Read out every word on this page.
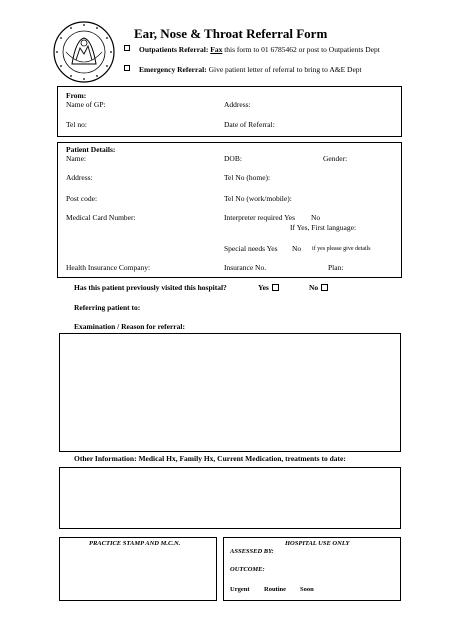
Ear, Nose & Throat Referral Form
Outpatients Referral: Fax this form to 01 6785462 or post to Outpatients Dept
Emergency Referral: Give patient letter of referral to bring to A&E Dept
From:
Name of GP:	Address:
Tel no:	Date of Referral:
Patient Details:
Name:	DOB:	Gender:
Address:	Tel No (home):
Post code:	Tel No (work/mobile):
Medical Card Number:	Interpreter required Yes No
If Yes, First language:
Special needs Yes No if yes please give details
Health Insurance Company:	Insurance No.	Plan:
Has this patient previously visited this hospital?	Yes	No
Referring patient to:
Examination / Reason for referral:
Other Information: Medical Hx, Family Hx, Current Medication, treatments to date:
PRACTICE STAMP AND M.C.N.	HOSPITAL USE ONLY
ASSESSED BY:
OUTCOME:
Urgent Routine Soon
